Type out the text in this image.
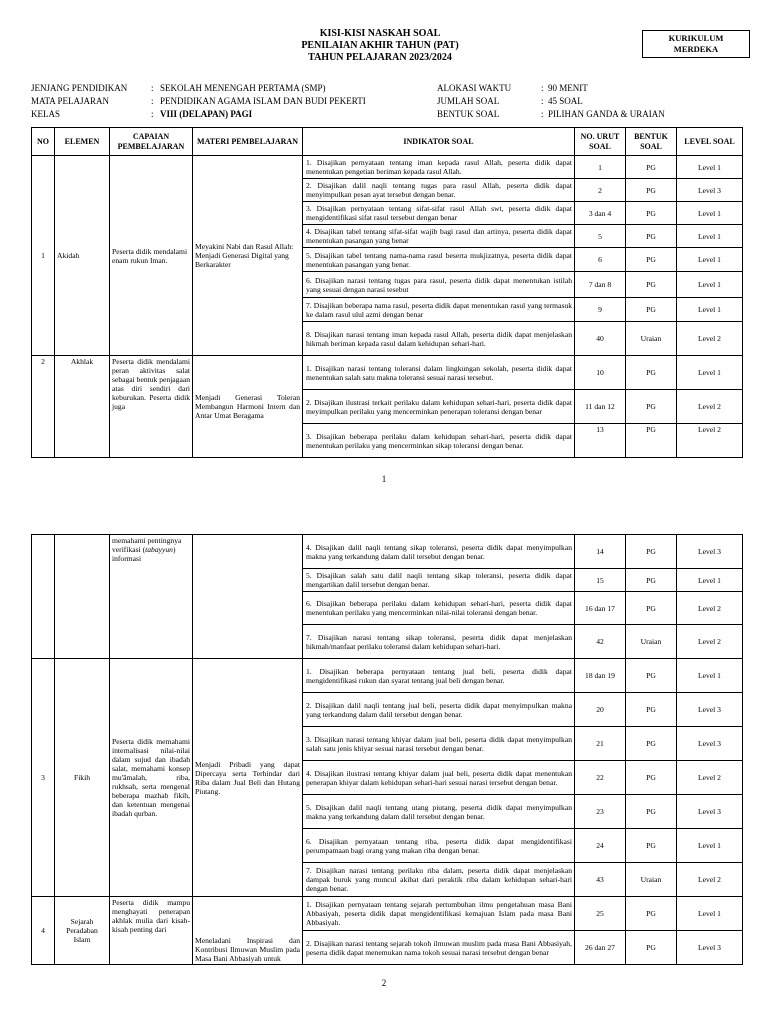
KISI-KISI NASKAH SOAL
PENILAIAN AKHIR TAHUN (PAT)
TAHUN PELAJARAN 2023/2024
KURIKULUM
MERDEKA
JENJANG PENDIDIKAN	: SEKOLAH MENENGAH PERTAMA (SMP)
MATA PELAJARAN	: PENDIDIKAN AGAMA ISLAM DAN BUDI PEKERTI
KELAS	: VIII (DELAPAN) PAGI
ALOKASI WAKTU	: 90 MENIT
JUMLAH SOAL	: 45 SOAL
BENTUK SOAL	: PILIHAN GANDA & URAIAN
NO	ELEMEN	CAPAIAN PEMBELAJARAN	MATERI PEMBELAJARAN	INDIKATOR SOAL	NO. URUT SOAL	BENTUK SOAL	LEVEL SOAL
1	Akidah	Peserta didik mendalami enam rukun Iman.	Meyakini Nabi dan Rasul Allah: Menjadi Generasi Digital yang Berkarakter	1. Disajikan pernyataan tentang iman kepada rasul Allah, peserta didik dapat menentukan pengetian beriman kepada rasul Allah.	1	PG	Level 1
				2. Disajikan dalil naqli tentang tugas para rasul Allah, peserta didik dapat menyimpulkan pesan ayat tersebut dengan benar.	2	PG	Level 3
				3. Disajikan pernyataan tentang sifat-sifat rasul Allah swt, peserta didik dapat mengidentifikasi sifat rasul tersebut dengan benar	3 dan 4	PG	Level 1
				4. Disajikan tabel tentang sifat-sifat wajib bagi rasul dan artinya, peserta didik dapat menentukan pasangan yang benar	5	PG	Level 1
				5. Disajikan tabel tentang nama-nama rasul beserta mukjizatnya, peserta didik dapat menentukan pasangan yang benar.	6	PG	Level 1
				6. Disajikan narasi tentang tugas para rasul, peserta didik dapat menentukan istilah yang sesuai dengan narasi tesebut	7 dan 8	PG	Level 1
				7. Disajikan beberapa nama rasul, peserta didik dapat menentukan rasul yang termasuk ke dalam rasul ulul azmi dengan benar	9	PG	Level 1
				8. Disajikan narasi tentang iman kepada rasul Allah, peserta didik dapat menjelaskan hikmah beriman kepada rasul dalam kehidupan sehari-hari.	40	Uraian	Level 2
2	Akhlak	Peserta didik mendalami peran aktivitas salat sebagai bentuk penjagaan atas diri sendiri dari keburukan. Peserta didik juga	Menjadi Generasi Toleran Membangun Harmoni Intern dan Antar Umat Beragama	1. Disajikan narasi tentang toleransi dalam lingkungan sekolah, peserta didik dapat menentukan salah satu makna toleransi sesuai narasi tersebut.	10	PG	Level 1
				2. Disajikan ilustrasi terkait perilaku dalam kehidupan sehari-hari, peserta didik dapat meyimpulkan perilaku yang mencerminkan penerapan toleransi dengan benar	11 dan 12	PG	Level 2
				3. Disajikan beberapa perilaku dalam kehidupan sehari-hari, peserta didik dapat menentukan perilaku yang mencerminkan sikap toleransi dengan benar.	13	PG	Level 2
1
		memahami pentingnya verifikasi (tabayyun) informasi		4. Disajikan dalil naqli tentang sikap toleransi, peserta didik dapat menyimpulkan makna yang terkandung dalam dalil tersebut dengan benar.	14	PG	Level 3
				5. Disajikan salah satu dalil naqli tentang sikap toleransi, peserta didik dapat mengartikan dalil tersebut dengan benar.	15	PG	Level 1
				6. Disajikan beberapa perilaku dalam kehidupan sehari-hari, peserta didik dapat menentukan perilaku yang mencerminkan nilai-nilai toleransi dengan benar.	16 dan 17	PG	Level 2
				7. Disajikan narasi tentang sikap toleransi, peserta didik dapat menjelaskan hikmah/manfaat perilaku toleransi dalam kehidupan sehari-hari.	42	Uraian	Level 2
3	Fikih	Peserta didik memahami internalisasi nilai-nilai dalam sujud dan ibadah salat, memahami konsep mu'āmalah, riba, rukhsah, serta mengenal beberapa mazhab fikih, dan ketentuan mengenai ibadah qurban.	Menjadi Pribadi yang dapat Dipercaya serta Terhindar dari Riba dalam Jual Beli dan Hutang Piutang.	1. Disajikan beberapa pernyataan tentang jual beli, peserta didik dapat mengidentifikasi rukun dan syarat tentang jual beli dengan benar.	18 dan 19	PG	Level 1
				2. Disajikan dalil naqli tentang jual beli, peserta didik dapat menyimpulkan makna yang terkandung dalam dalil tersebut dengan benar.	20	PG	Level 3
				3. Disajikan narasi tentang khiyar dalam jual beli, peserta didik dapat menyimpulkan salah satu jenis khiyar sesuai narasi tersebut dengan benar.	21	PG	Level 3
				4. Disajikan ilustrasi tentang khiyar dalam jual beli, peserta didik dapat menentukan penerapan khiyar dalam kehidupan sehari-hari sesuai narasi tersebut dengan benar.	22	PG	Level 2
				5. Disajikan dalil naqli tentang utang piutang, peserta didik dapat menyimpulkan makna yang terkandung dalam dalil tersebut dengan benar.	23	PG	Level 3
				6. Disajikan pernyataan tentang riba, peserta didik dapat mengidentifikasi perumpamaan bagi orang yang makan riba dengan benar.	24	PG	Level 1
				7. Disajikan narasi tentang perilaku riba dalam, peserta didik dapat menjelaskan dampak buruk yang muncul akibat dari peraktik riba dalam kehidupan sehari-hari dengan benar.	43	Uraian	Level 2
4	Sejarah Peradaban Islam	Peserta didik mampu menghayati penerapan akhlak mulia dari kisah-kisah penting dari	Meneladani Inspirasi dan Kontribusi Ilmuwan Muslim pada Masa Bani Abbasiyah untuk	1. Disajikan pernyataan tentang sejarah pertumbuhan ilmu pengetahuan masa Bani Abbasiyah, peserta didik dapat mengidentifikasi kemajuan Islam pada masa Bani Abbasiyah.	25	PG	Level 1
				2. Disajikan narasi tentang sejarah tokoh ilmuwan muslim pada masa Bani Abbasiyah, peserta didik dapat menemukan nama tokoh sesuai narasi tersebut dengan benar	26 dan 27	PG	Level 3
2
